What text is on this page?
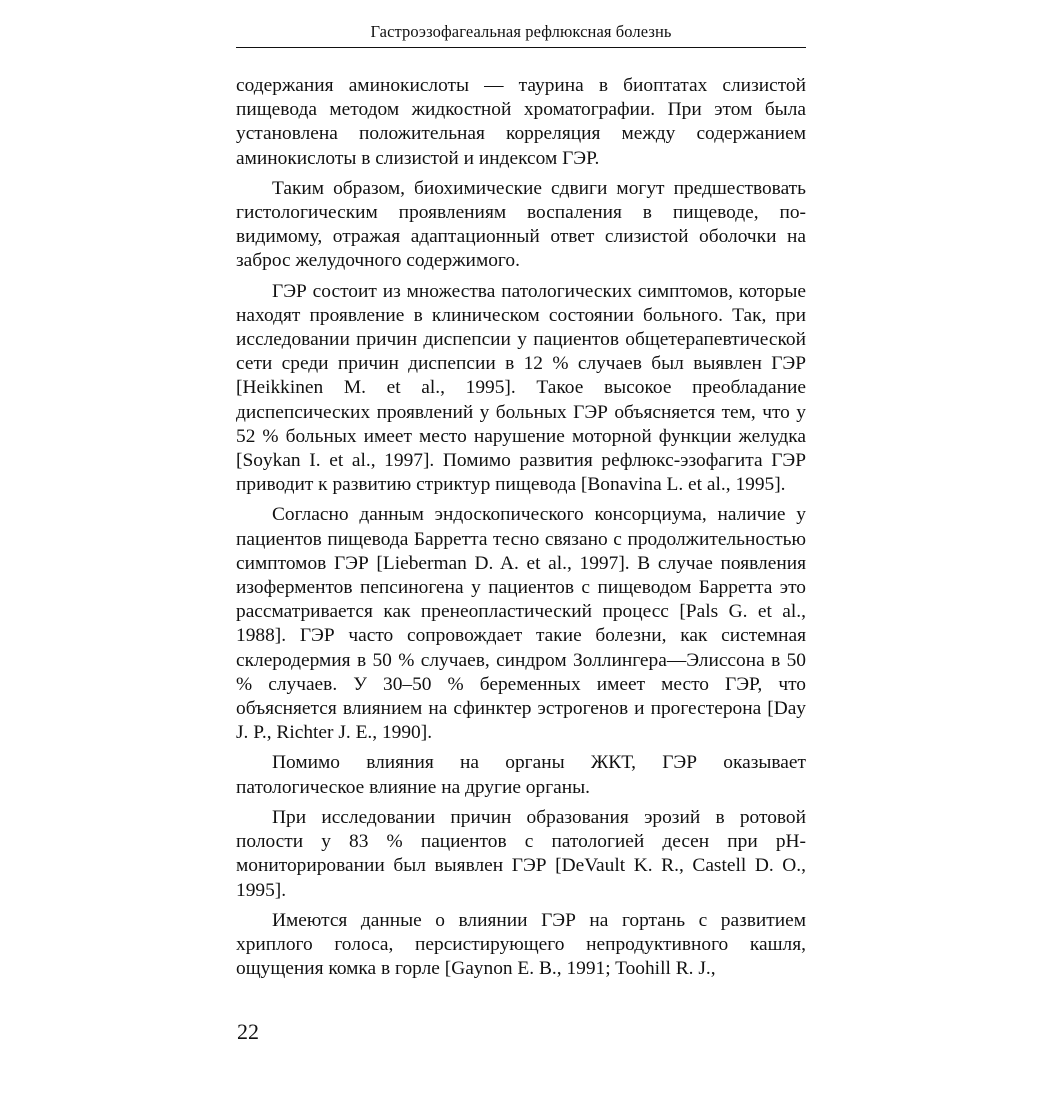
Гастроэзофагеальная рефлюксная болезнь

содержания аминокислоты — таурина в биоптатах слизистой пищевода методом жидкостной хроматографии. При этом была установлена положительная корреляция между содержанием аминокислоты в слизистой и индексом ГЭР.

Таким образом, биохимические сдвиги могут предшествовать гистологическим проявлениям воспаления в пищеводе, по-видимому, отражая адаптационный ответ слизистой оболочки на заброс желудочного содержимого.

ГЭР состоит из множества патологических симптомов, которые находят проявление в клиническом состоянии больного. Так, при исследовании причин диспепсии у пациентов общетерапевтической сети среди причин диспепсии в 12 % случаев был выявлен ГЭР [Heikkinen M. et al., 1995]. Такое высокое преобладание диспепсических проявлений у больных ГЭР объясняется тем, что у 52 % больных имеет место нарушение моторной функции желудка [Soykan I. et al., 1997]. Помимо развития рефлюкс-эзофагита ГЭР приводит к развитию стриктур пищевода [Bonavina L. et al., 1995].

Согласно данным эндоскопического консорциума, наличие у пациентов пищевода Барретта тесно связано с продолжительностью симптомов ГЭР [Lieberman D. A. et al., 1997]. В случае появления изоферментов пепсиногена у пациентов с пищеводом Барретта это рассматривается как пренеопластический процесс [Pals G. et al., 1988]. ГЭР часто сопровождает такие болезни, как системная склеродермия в 50 % случаев, синдром Золлингера—Элиссона в 50 % случаев. У 30–50 % беременных имеет место ГЭР, что объясняется влиянием на сфинктер эстрогенов и прогестерона [Day J. P., Richter J. E., 1990].

Помимо влияния на органы ЖКТ, ГЭР оказывает патологическое влияние на другие органы.

При исследовании причин образования эрозий в ротовой полости у 83 % пациентов с патологией десен при pH-мониторировании был выявлен ГЭР [DeVault K. R., Castell D. O., 1995].

Имеются данные о влиянии ГЭР на гортань с развитием хриплого голоса, персистирующего непродуктивного кашля, ощущения комка в горле [Gaynon E. B., 1991; Toohill R. J.,

22
